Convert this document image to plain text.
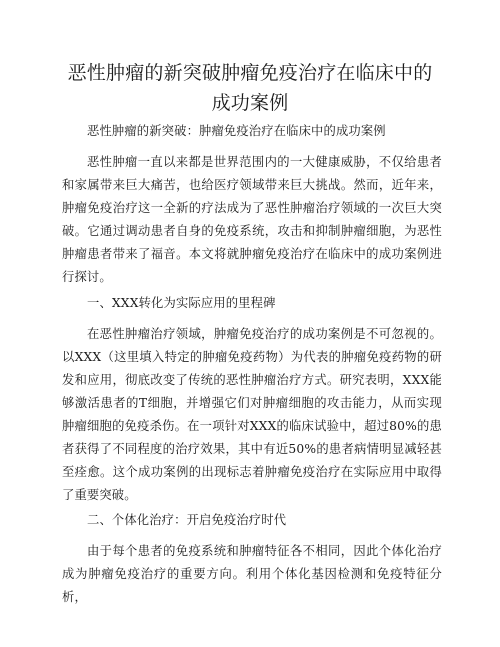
恶性肿瘤的新突破肿瘤免疫治疗在临床中的成功案例

恶性肿瘤的新突破：肿瘤免疫治疗在临床中的成功案例

恶性肿瘤一直以来都是世界范围内的一大健康威胁，不仅给患者和家属带来巨大痛苦，也给医疗领域带来巨大挑战。然而，近年来，肿瘤免疫治疗这一全新的疗法成为了恶性肿瘤治疗领域的一次巨大突破。它通过调动患者自身的免疫系统，攻击和抑制肿瘤细胞，为恶性肿瘤患者带来了福音。本文将就肿瘤免疫治疗在临床中的成功案例进行探讨。

一、XXX转化为实际应用的里程碑

在恶性肿瘤治疗领域，肿瘤免疫治疗的成功案例是不可忽视的。以XXX（这里填入特定的肿瘤免疫药物）为代表的肿瘤免疫药物的研发和应用，彻底改变了传统的恶性肿瘤治疗方式。研究表明，XXX能够激活患者的T细胞，并增强它们对肿瘤细胞的攻击能力，从而实现肿瘤细胞的免疫杀伤。在一项针对XXX的临床试验中，超过80%的患者获得了不同程度的治疗效果，其中有近50%的患者病情明显减轻甚至痊愈。这个成功案例的出现标志着肿瘤免疫治疗在实际应用中取得了重要突破。

二、个体化治疗：开启免疫治疗时代

由于每个患者的免疫系统和肿瘤特征各不相同，因此个体化治疗成为肿瘤免疫治疗的重要方向。利用个体化基因检测和免疫特征分析，
